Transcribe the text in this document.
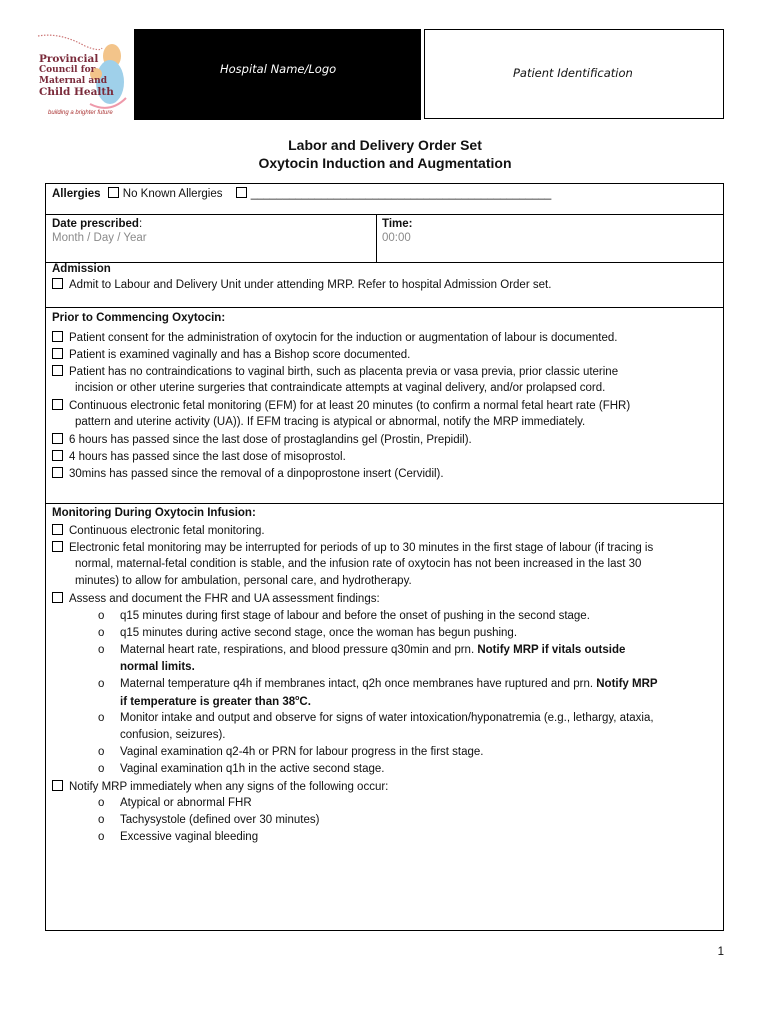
Provincial
Council for
Maternal and
Child Health
building a brighter future
Hospital Name/Logo	Patient Identification
Labor and Delivery Order Set
Oxytocin Induction and Augmentation
Allergies No Known Allergies _______________________________________________
Date prescribed:
Month / Day / Year
Time:
00:00
Admission
Admit to Labour and Delivery Unit under attending MRP. Refer to hospital Admission Order set.
Prior to Commencing Oxytocin:
Patient consent for the administration of oxytocin for the induction or augmentation of labour is documented.
Patient is examined vaginally and has a Bishop score documented.
Patient has no contraindications to vaginal birth, such as placenta previa or vasa previa, prior classic uterine
incision or other uterine surgeries that contraindicate attempts at vaginal delivery, and/or prolapsed cord.
Continuous electronic fetal monitoring (EFM) for at least 20 minutes (to confirm a normal fetal heart rate (FHR)
pattern and uterine activity (UA)). If EFM tracing is atypical or abnormal, notify the MRP immediately.
6 hours has passed since the last dose of prostaglandins gel (Prostin, Prepidil).
4 hours has passed since the last dose of misoprostol.
30mins has passed since the removal of a dinpoprostone insert (Cervidil).
Monitoring During Oxytocin Infusion:
Continuous electronic fetal monitoring.
Electronic fetal monitoring may be interrupted for periods of up to 30 minutes in the first stage of labour (if tracing is
normal, maternal-fetal condition is stable, and the infusion rate of oxytocin has not been increased in the last 30
minutes) to allow for ambulation, personal care, and hydrotherapy.
Assess and document the FHR and UA assessment findings:
o q15 minutes during first stage of labour and before the onset of pushing in the second stage.
o q15 minutes during active second stage, once the woman has begun pushing.
o Maternal heart rate, respirations, and blood pressure q30min and prn. Notify MRP if vitals outside
normal limits.
o Maternal temperature q4h if membranes intact, q2h once membranes have ruptured and prn. Notify MRP
if temperature is greater than 38$^o$C.
o Monitor intake and output and observe for signs of water intoxication/hyponatremia (e.g., lethargy, ataxia,
confusion, seizures).
o Vaginal examination q2-4h or PRN for labour progress in the first stage.
o Vaginal examination q1h in the active second stage.
Notify MRP immediately when any signs of the following occur:
o Atypical or abnormal FHR
o Tachysystole (defined over 30 minutes)
o Excessive vaginal bleeding
1
